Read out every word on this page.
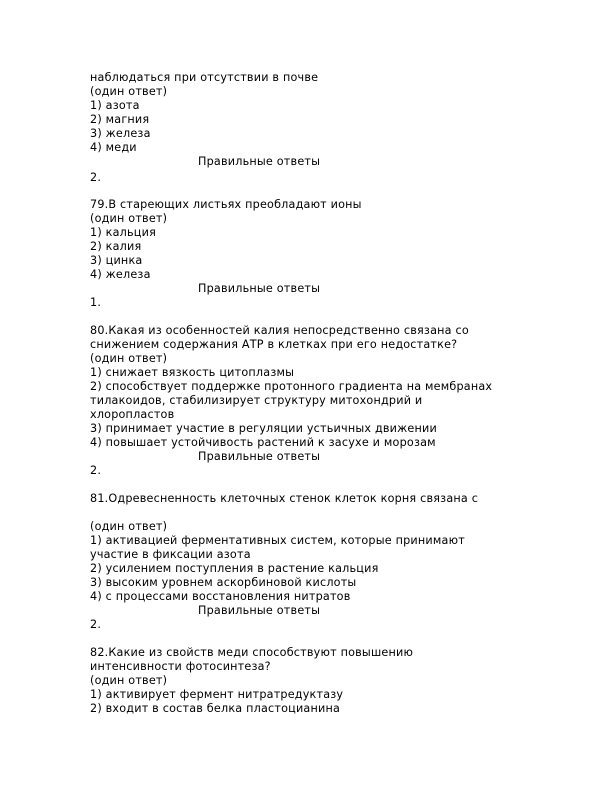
наблюдаться при отсутствии в почве
(один ответ)
1) азота
2) магния
3) железа
4) меди
Правильные ответы
2.
79.В стареющих листьях преобладают ионы
(один ответ)
1) кальция
2) калия
3) цинка
4) железа
Правильные ответы
1.
80.Какая из особенностей калия непосредственно связана со
снижением содержания АТР в клетках при его недостатке?
(один ответ)
1) снижает вязкость цитоплазмы
2) способствует поддержке протонного градиента на мембранах
тилакоидов, стабилизирует структуру митохондрий и
хлоропластов
3) принимает участие в регуляции устьичных движении
4) повышает устойчивость растений к засухе и морозам
Правильные ответы
2.
81.Одревесненность клеточных стенок клеток корня связана с
(один ответ)
1) активацией ферментативных систем, которые принимают
участие в фиксации азота
2) усилением поступления в растение кальция
3) высоким уровнем аскорбиновой кислоты
4) с процессами восстановления нитратов
Правильные ответы
2.
82.Какие из свойств меди способствуют повышению
интенсивности фотосинтеза?
(один ответ)
1) активирует фермент нитратредуктазу
2) входит в состав белка пластоцианина
